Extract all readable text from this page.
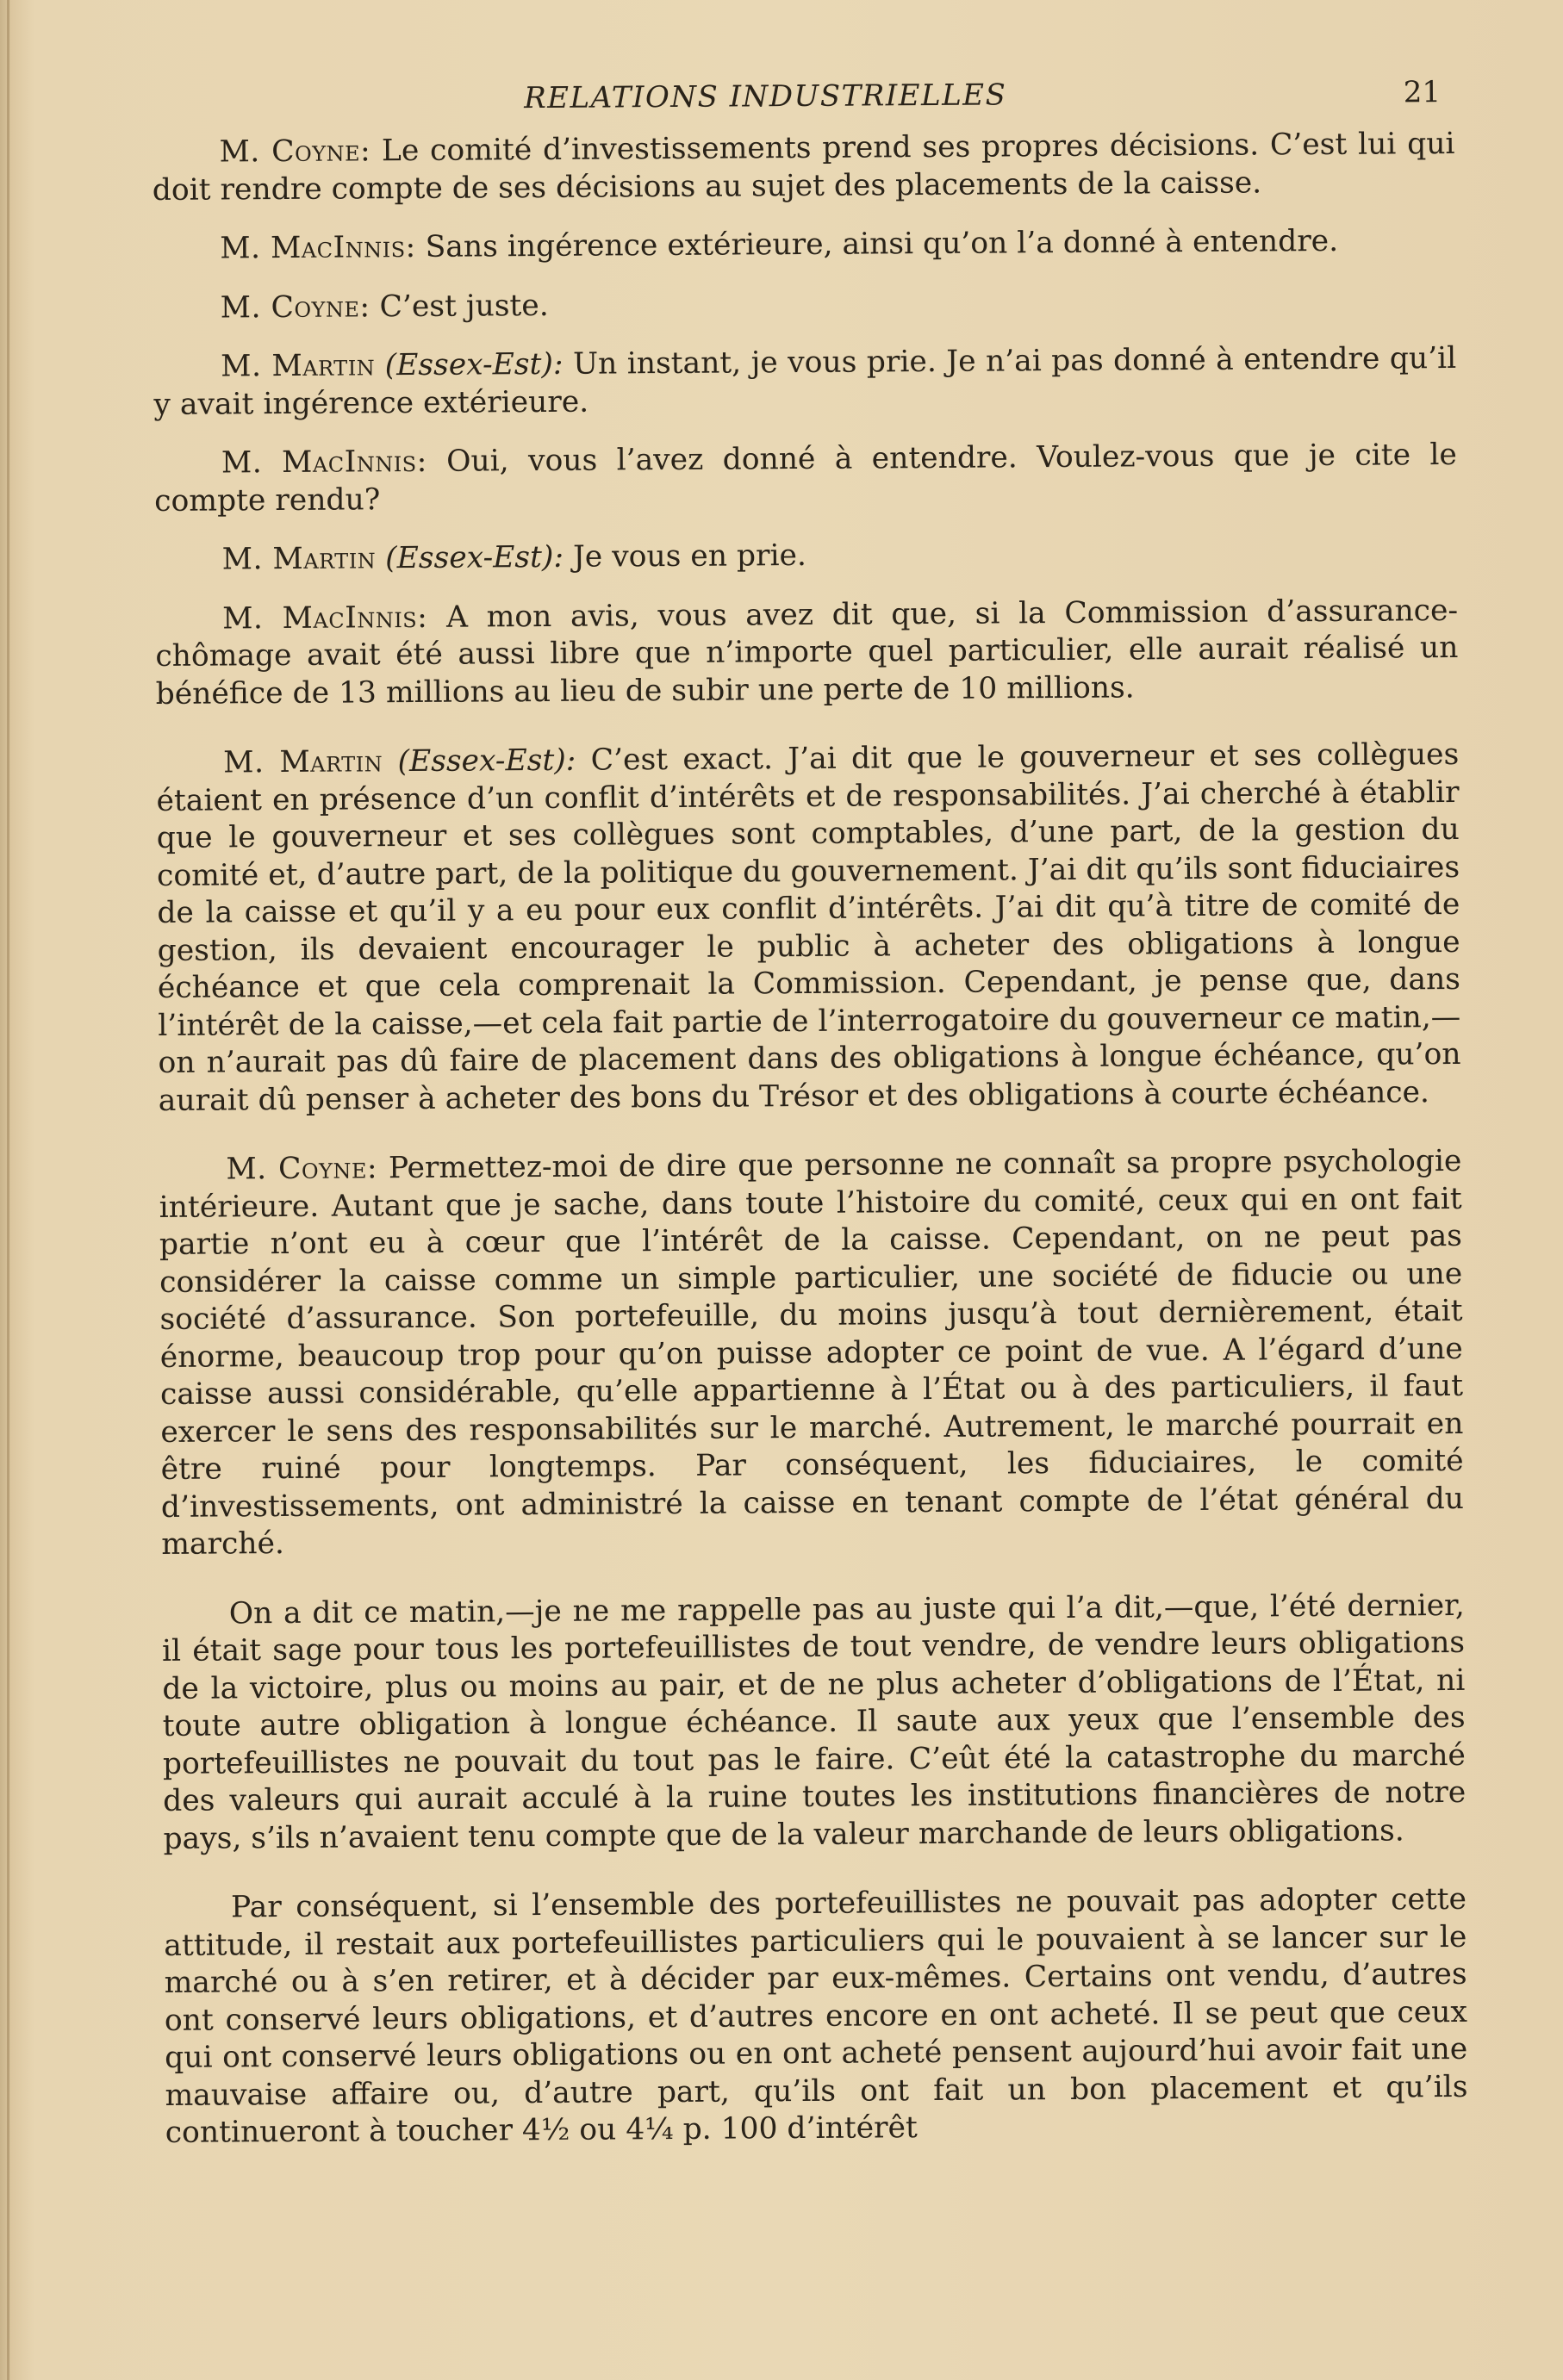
RELATIONS INDUSTRIELLES	21

M. Coyne: Le comité d’investissements prend ses propres décisions. C’est lui qui doit rendre compte de ses décisions au sujet des placements de la caisse.

M. MacInnis: Sans ingérence extérieure, ainsi qu’on l’a donné à entendre.

M. Coyne: C’est juste.

M. Martin (Essex-Est): Un instant, je vous prie. Je n’ai pas donné à entendre qu’il y avait ingérence extérieure.

M. MacInnis: Oui, vous l’avez donné à entendre. Voulez-vous que je cite le compte rendu?

M. Martin (Essex-Est): Je vous en prie.

M. MacInnis: A mon avis, vous avez dit que, si la Commission d’assurance-chômage avait été aussi libre que n’importe quel particulier, elle aurait réalisé un bénéfice de 13 millions au lieu de subir une perte de 10 millions.

M. Martin (Essex-Est): C’est exact. J’ai dit que le gouverneur et ses collègues étaient en présence d’un conflit d’intérêts et de responsabilités. J’ai cherché à établir que le gouverneur et ses collègues sont comptables, d’une part, de la gestion du comité et, d’autre part, de la politique du gouvernement. J’ai dit qu’ils sont fiduciaires de la caisse et qu’il y a eu pour eux conflit d’intérêts. J’ai dit qu’à titre de comité de gestion, ils devaient encourager le public à acheter des obligations à longue échéance et que cela comprenait la Commission. Cependant, je pense que, dans l’intérêt de la caisse,—et cela fait partie de l’interrogatoire du gouverneur ce matin,—on n’aurait pas dû faire de placement dans des obligations à longue échéance, qu’on aurait dû penser à acheter des bons du Trésor et des obligations à courte échéance.

M. Coyne: Permettez-moi de dire que personne ne connaît sa propre psychologie intérieure. Autant que je sache, dans toute l’histoire du comité, ceux qui en ont fait partie n’ont eu à cœur que l’intérêt de la caisse. Cependant, on ne peut pas considérer la caisse comme un simple particulier, une société de fiducie ou une société d’assurance. Son portefeuille, du moins jusqu’à tout dernièrement, était énorme, beaucoup trop pour qu’on puisse adopter ce point de vue. A l’égard d’une caisse aussi considérable, qu’elle appartienne à l’État ou à des particuliers, il faut exercer le sens des responsabilités sur le marché. Autrement, le marché pourrait en être ruiné pour longtemps. Par conséquent, les fiduciaires, le comité d’investissements, ont administré la caisse en tenant compte de l’état général du marché.

On a dit ce matin,—je ne me rappelle pas au juste qui l’a dit,—que, l’été dernier, il était sage pour tous les portefeuillistes de tout vendre, de vendre leurs obligations de la victoire, plus ou moins au pair, et de ne plus acheter d’obligations de l’État, ni toute autre obligation à longue échéance. Il saute aux yeux que l’ensemble des portefeuillistes ne pouvait du tout pas le faire. C’eût été la catastrophe du marché des valeurs qui aurait acculé à la ruine toutes les institutions financières de notre pays, s’ils n’avaient tenu compte que de la valeur marchande de leurs obligations.

Par conséquent, si l’ensemble des portefeuillistes ne pouvait pas adopter cette attitude, il restait aux portefeuillistes particuliers qui le pouvaient à se lancer sur le marché ou à s’en retirer, et à décider par eux-mêmes. Certains ont vendu, d’autres ont conservé leurs obligations, et d’autres encore en ont acheté. Il se peut que ceux qui ont conservé leurs obligations ou en ont acheté pensent aujourd’hui avoir fait une mauvaise affaire ou, d’autre part, qu’ils ont fait un bon placement et qu’ils continueront à toucher 4½ ou 4¼ p. 100 d’intérêt
